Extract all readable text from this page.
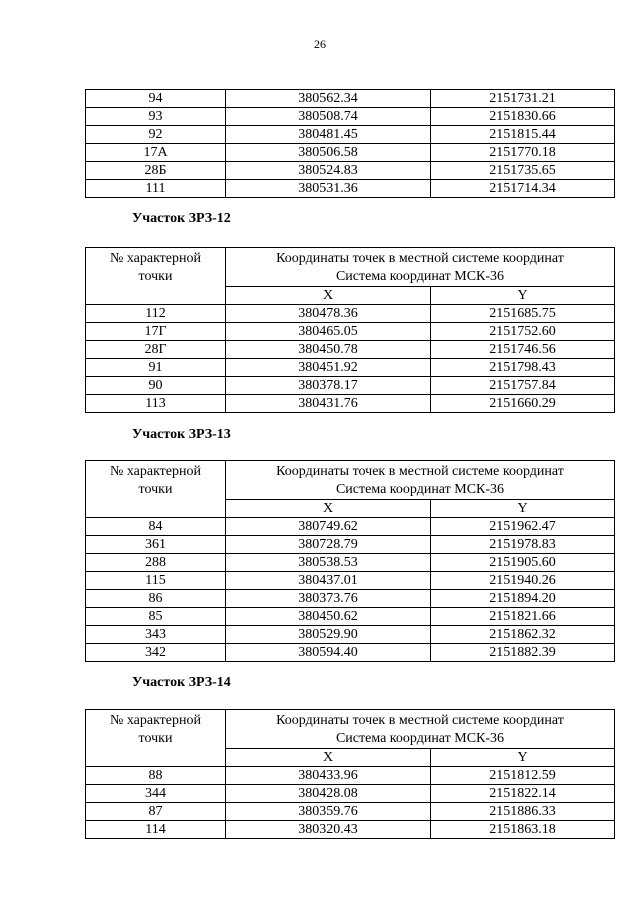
26
94	380562.34	2151731.21
93	380508.74	2151830.66
92	380481.45	2151815.44
17А	380506.58	2151770.18
28Б	380524.83	2151735.65
111	380531.36	2151714.34
Участок ЗРЗ-12
№ характерной
точки	Координаты точек в местной системе координат
Система координат МСК-36	
	X	Y
112	380478.36	2151685.75
17Г	380465.05	2151752.60
28Г	380450.78	2151746.56
91	380451.92	2151798.43
90	380378.17	2151757.84
113	380431.76	2151660.29
Участок ЗРЗ-13
№ характерной
точки	Координаты точек в местной системе координат
Система координат МСК-36	
	X	Y
84	380749.62	2151962.47
361	380728.79	2151978.83
288	380538.53	2151905.60
115	380437.01	2151940.26
86	380373.76	2151894.20
85	380450.62	2151821.66
343	380529.90	2151862.32
342	380594.40	2151882.39
Участок ЗРЗ-14
№ характерной
точки	Координаты точек в местной системе координат
Система координат МСК-36	
	X	Y
88	380433.96	2151812.59
344	380428.08	2151822.14
87	380359.76	2151886.33
114	380320.43	2151863.18
